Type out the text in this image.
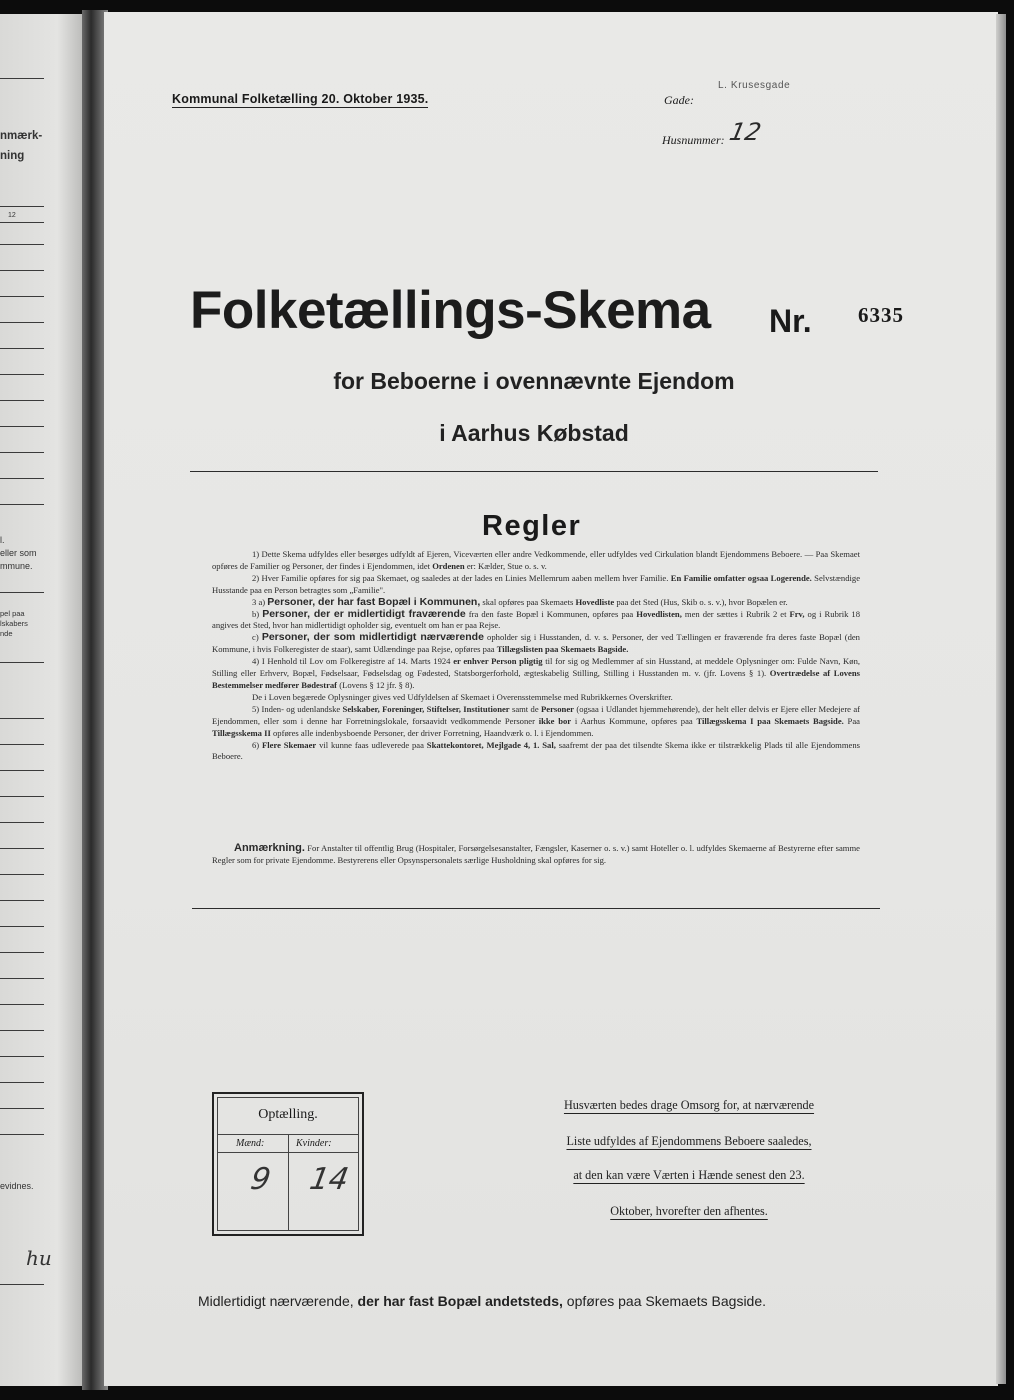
nmærk-
ning
12
l.
eller som
mmune.
pel paa
lskabers
nde
evidnes.
hu
Kommunal Folketælling 20. Oktober 1935.	Gade:
L. Krusesgade
Husnummer: 12
Folketællings-Skema Nr. 6335
for Beboerne i ovennævnte Ejendom
i Aarhus Købstad
Regler

1) Dette Skema udfyldes eller besørges udfyldt af Ejeren, Viceværten eller andre Vedkommende, eller udfyldes ved Cirkulation blandt Ejendommens Beboere. — Paa Skemaet opføres de Familier og Personer, der findes i Ejendommen, idet Ordenen er: Kælder, Stue o. s. v.

2) Hver Familie opføres for sig paa Skemaet, og saaledes at der lades en Linies Mellemrum aaben mellem hver Familie. En Familie omfatter ogsaa Logerende. Selvstændige Husstande paa en Person betragtes som „Familie".

3 a) Personer, der har fast Bopæl i Kommunen, skal opføres paa Skemaets Hovedliste paa det Sted (Hus, Skib o. s. v.), hvor Bopælen er.

b) Personer, der er midlertidigt fraværende fra den faste Bopæl i Kommunen, opføres paa Hovedlisten, men der sættes i Rubrik 2 et Frv, og i Rubrik 18 angives det Sted, hvor han midlertidigt opholder sig, eventuelt om han er paa Rejse.

c) Personer, der som midlertidigt nærværende opholder sig i Husstanden, d. v. s. Personer, der ved Tællingen er fraværende fra deres faste Bopæl (den Kommune, i hvis Folkeregister de staar), samt Udlændinge paa Rejse, opføres paa Tillægslisten paa Skemaets Bagside.

4) I Henhold til Lov om Folkeregistre af 14. Marts 1924 er enhver Person pligtig til for sig og Medlemmer af sin Husstand, at meddele Oplysninger om: Fulde Navn, Køn, Stilling eller Erhverv, Bopæl, Fødselsaar, Fødselsdag og Fødested, Statsborgerforhold, ægteskabelig Stilling, Stilling i Husstanden m. v. (jfr. Lovens § 1). Overtrædelse af Lovens Bestemmelser medfører Bødestraf (Lovens § 12 jfr. § 8).

De i Loven begærede Oplysninger gives ved Udfyldelsen af Skemaet i Overensstemmelse med Rubrikkernes Overskrifter.

5) Inden- og udenlandske Selskaber, Foreninger, Stiftelser, Institutioner samt de Personer (ogsaa i Udlandet hjemmehørende), der helt eller delvis er Ejere eller Medejere af Ejendommen, eller som i denne har Forretningslokale, forsaavidt vedkommende Personer ikke bor i Aarhus Kommune, opføres paa Tillægsskema I paa Skemaets Bagside. Paa Tillægsskema II opføres alle indenbysboende Personer, der driver Forretning, Haandværk o. l. i Ejendommen.

6) Flere Skemaer vil kunne faas udleverede paa Skattekontoret, Mejlgade 4, 1. Sal, saafremt der paa det tilsendte Skema ikke er tilstrækkelig Plads til alle Ejendommens Beboere.

Anmærkning. For Anstalter til offentlig Brug (Hospitaler, Forsørgelsesanstalter, Fængsler, Kaserner o. s. v.) samt Hoteller o. l. udfyldes Skemaerne af Bestyrerne efter samme Regler som for private Ejendomme. Bestyrerens eller Opsynspersonalets særlige Husholdning skal opføres for sig.
Optælling.
Mænd:	Kvinder:
9 14
Husværten bedes drage Omsorg for, at nærværende
Liste udfyldes af Ejendommens Beboere saaledes,
at den kan være Værten i Hænde senest den 23.
Oktober, hvorefter den afhentes.
Midlertidigt nærværende, der har fast Bopæl andetsteds, opføres paa Skemaets Bagside.
